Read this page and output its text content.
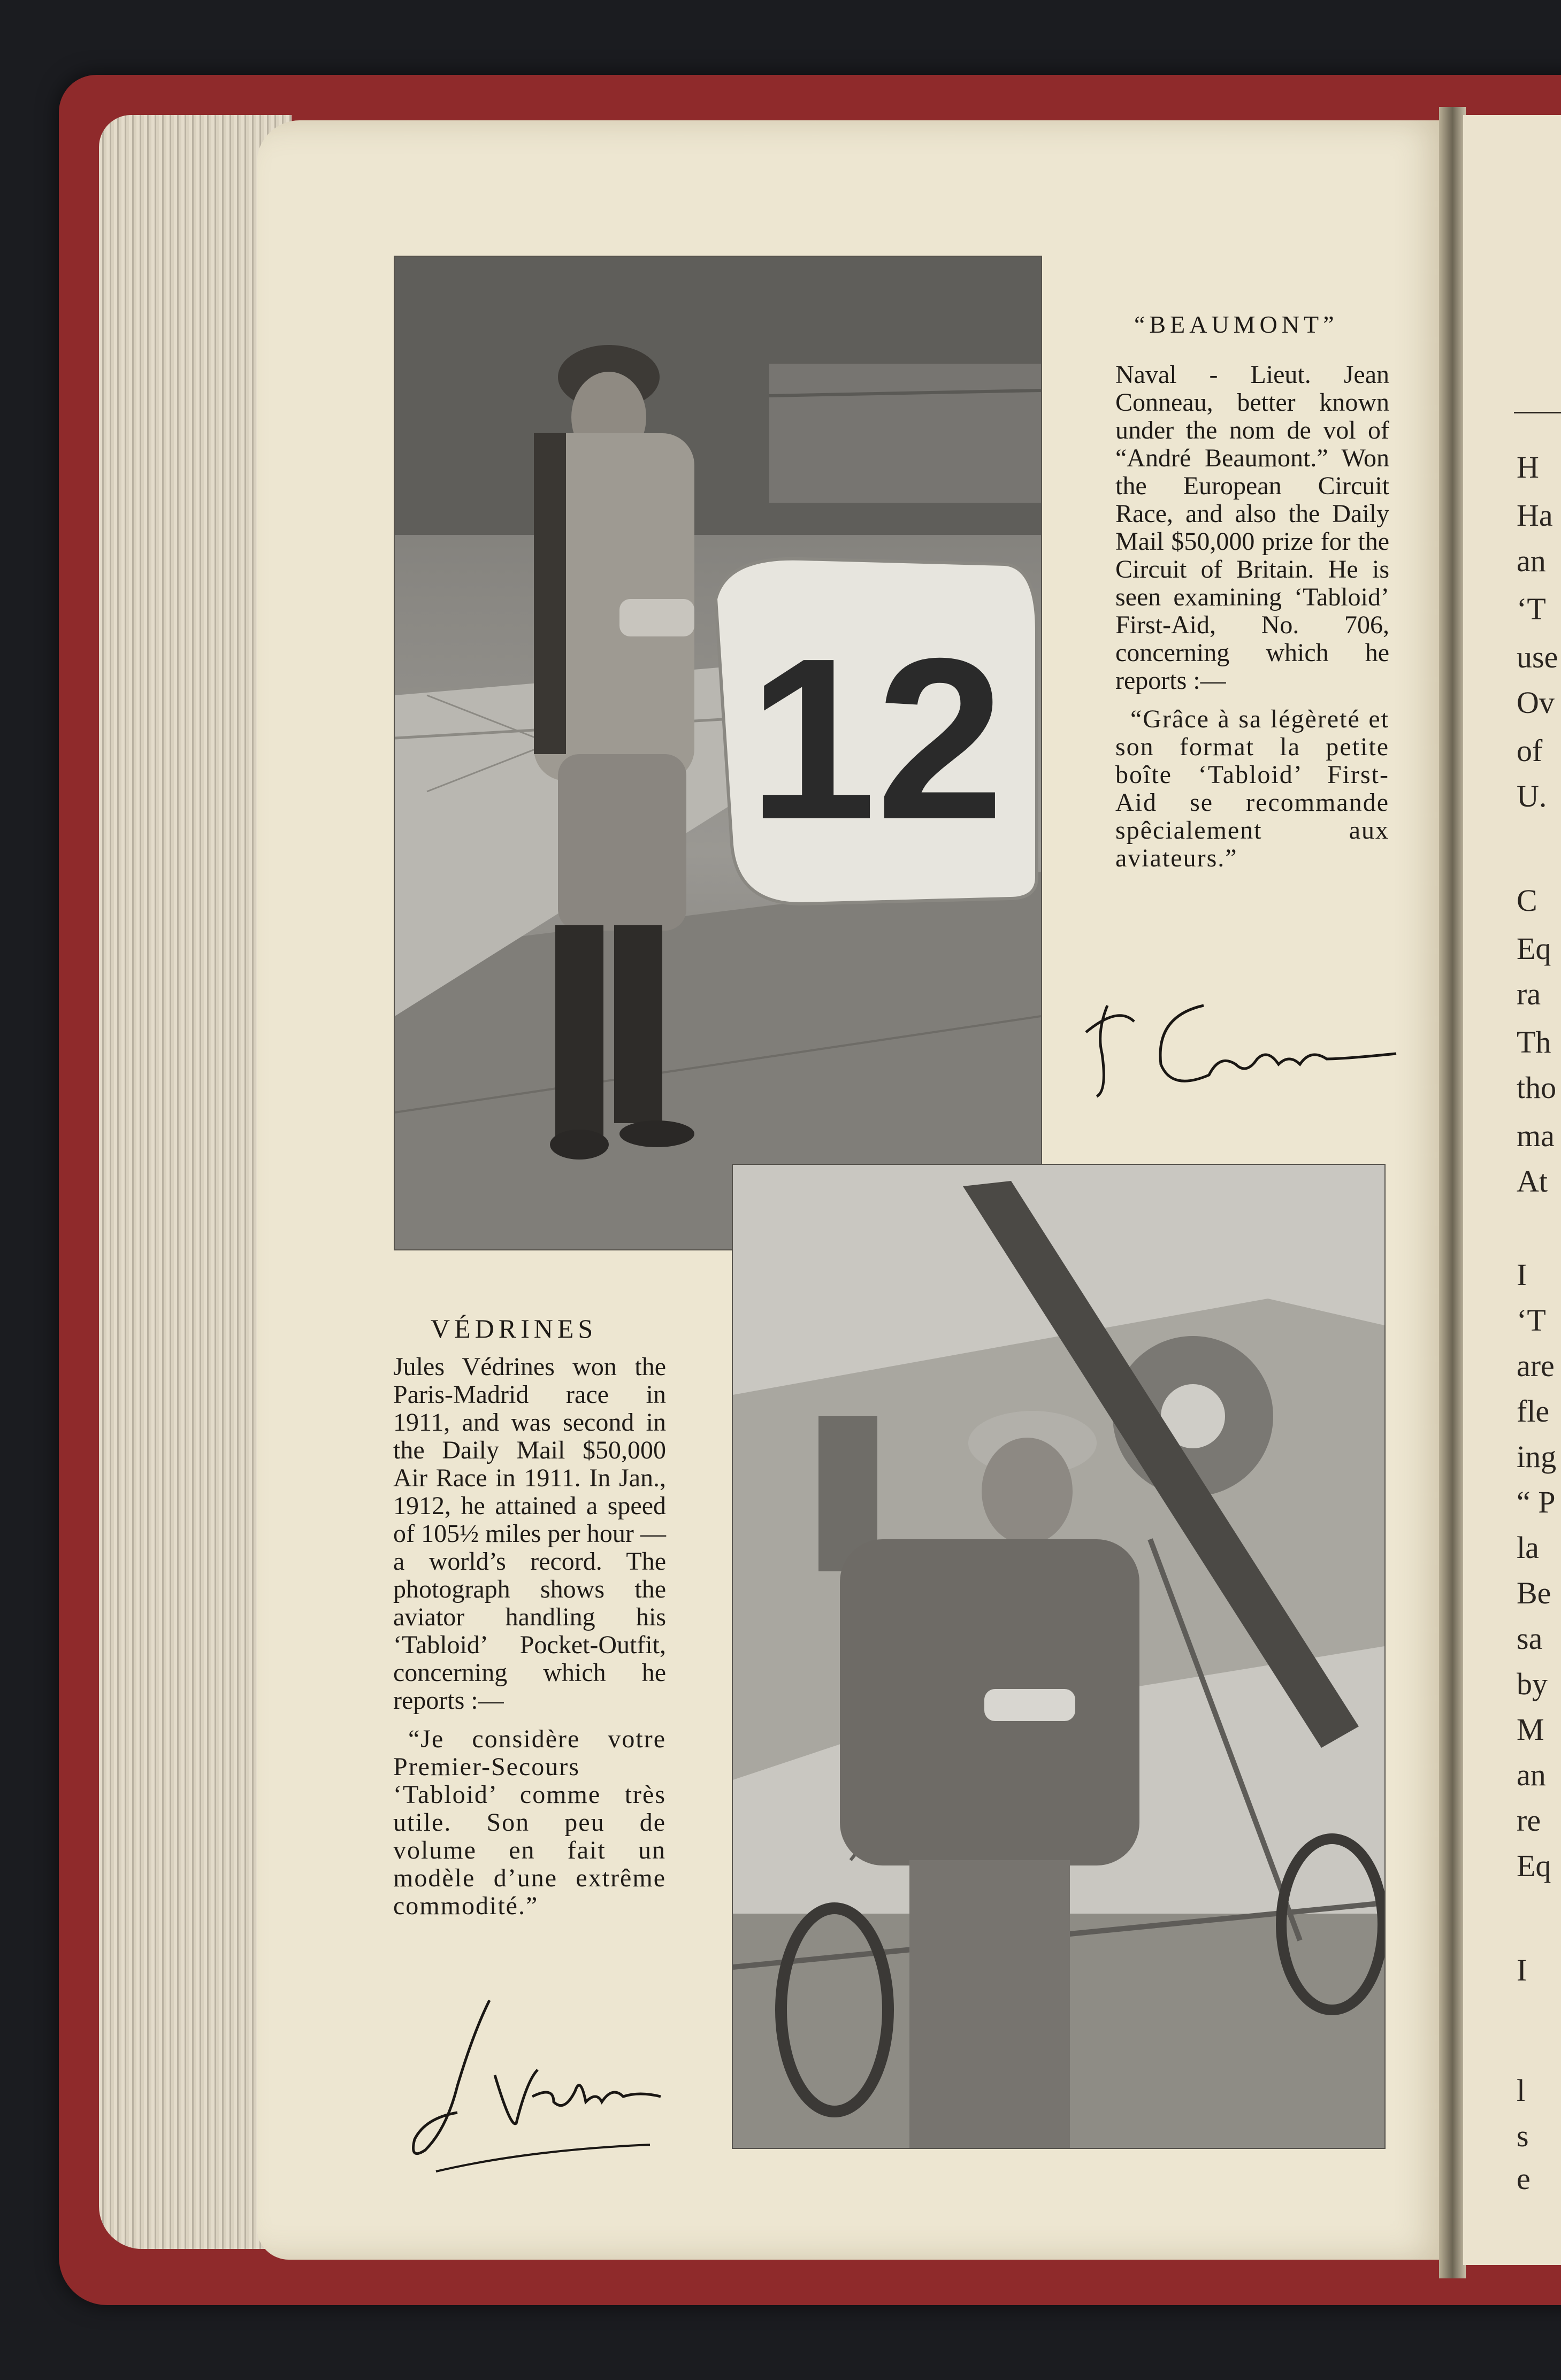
H
Ha
an
‘T
use
Ov
of
U.
C
Eq
ra
Th
tho
ma
At
I
‘T
are
fle
ing
“ P
la
Be
sa
by
M
an
re
Eq
I
l
s
e
12
“BEAUMONT”

Naval - Lieut. Jean Conneau, better known under the nom de vol of “André Beaumont.” Won the European Circuit Race, and also the Daily Mail $50,000 prize for the Circuit of Britain. He is seen examining ‘Tabloid’ First-Aid, No. 706, concerning which he reports :—

“Grâce à sa légèreté et son format la petite boîte ‘Tabloid’ First-Aid se recommande spêcialement aux aviateurs.”

VÉDRINES

Jules Védrines won the Paris-Madrid race in 1911, and was second in the Daily Mail $50,000 Air Race in 1911. In Jan., 1912, he attained a speed of 105½ miles per hour —a world’s record. The photograph shows the aviator handling his ‘Tabloid’ Pocket-Outfit, concerning which he reports :—

“Je considère votre Premier-Secours ‘Tabloid’ comme très utile. Son peu de volume en fait un modèle d’une extrême commodité.”
